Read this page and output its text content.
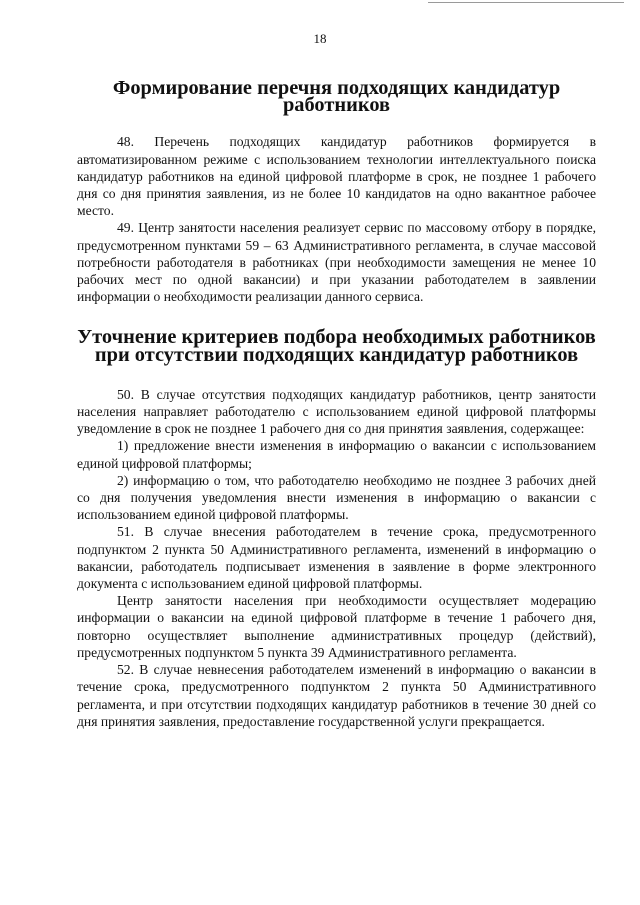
18
Формирование перечня подходящих кандидатур работников

48. Перечень подходящих кандидатур работников формируется в автоматизированном режиме с использованием технологии интеллектуального поиска кандидатур работников на единой цифровой платформе в срок, не позднее 1 рабочего дня со дня принятия заявления, из не более 10 кандидатов на одно вакантное рабочее место.

49. Центр занятости населения реализует сервис по массовому отбору в порядке, предусмотренном пунктами 59 – 63 Административного регламента, в случае массовой потребности работодателя в работниках (при необходимости замещения не менее 10 рабочих мест по одной вакансии) и при указании работодателем в заявлении информации о необходимости реализации данного сервиса.

Уточнение критериев подбора необходимых работников
при отсутствии подходящих кандидатур работников

50. В случае отсутствия подходящих кандидатур работников, центр занятости населения направляет работодателю с использованием единой цифровой платформы уведомление в срок не позднее 1 рабочего дня со дня принятия заявления, содержащее:

1) предложение внести изменения в информацию о вакансии с использованием единой цифровой платформы;

2) информацию о том, что работодателю необходимо не позднее 3 рабочих дней со дня получения уведомления внести изменения в информацию о вакансии с использованием единой цифровой платформы.

51. В случае внесения работодателем в течение срока, предусмотренного подпунктом 2 пункта 50 Административного регламента, изменений в информацию о вакансии, работодатель подписывает изменения в заявление в форме электронного документа с использованием единой цифровой платформы.

Центр занятости населения при необходимости осуществляет модерацию информации о вакансии на единой цифровой платформе в течение 1 рабочего дня, повторно осуществляет выполнение административных процедур (действий), предусмотренных подпунктом 5 пункта 39 Административного регламента.

52. В случае невнесения работодателем изменений в информацию о вакансии в течение срока, предусмотренного подпунктом 2 пункта 50 Административного регламента, и при отсутствии подходящих кандидатур работников в течение 30 дней со дня принятия заявления, предоставление государственной услуги прекращается.
